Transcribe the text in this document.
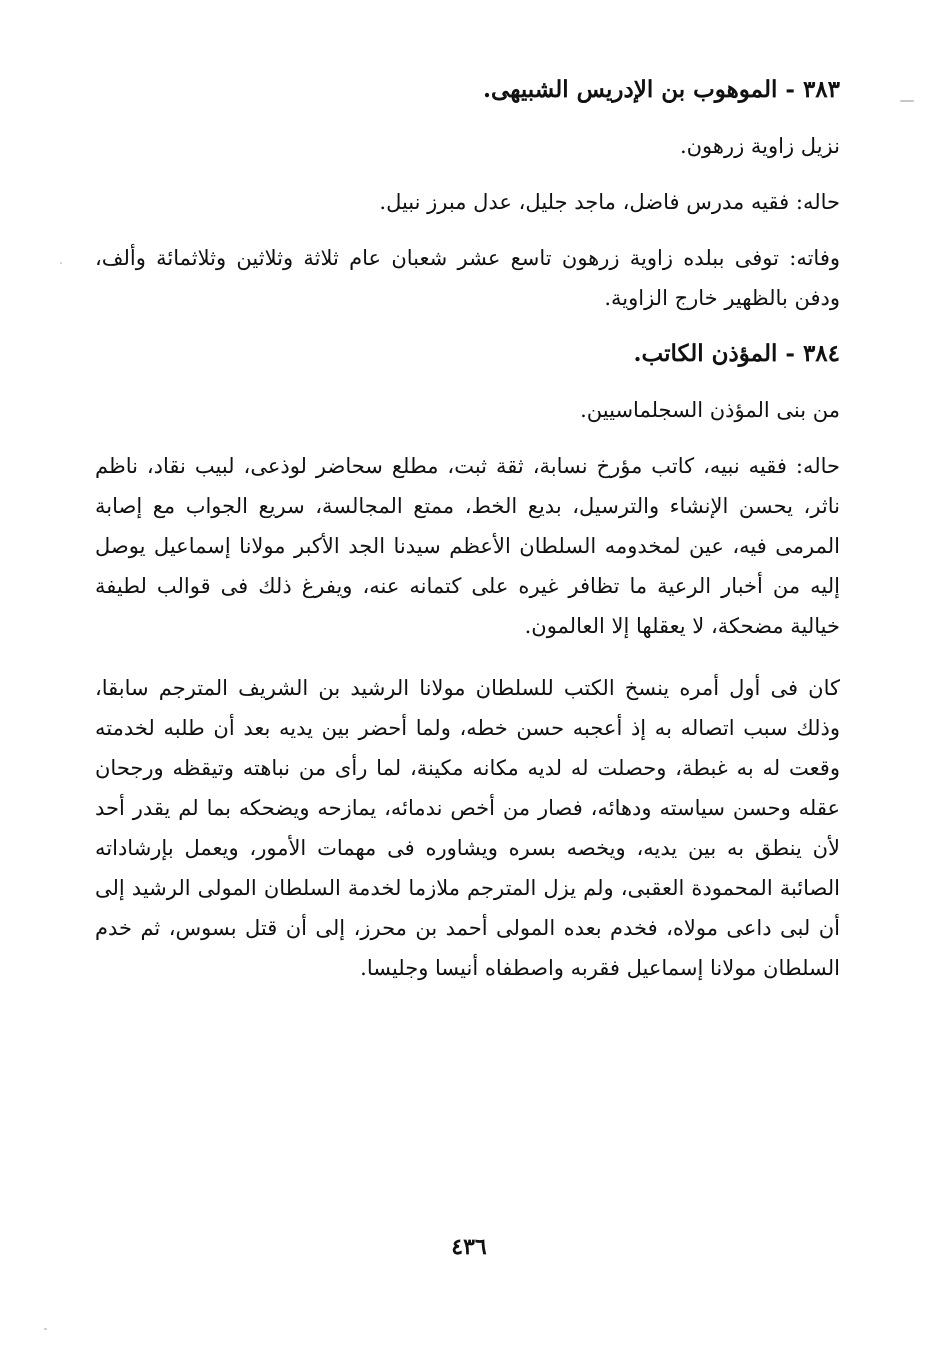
٣٨٣ - الموهوب بن الإدريس الشبيهى.

نزيل زاوية زرهون.

حاله: فقيه مدرس فاضل، ماجد جليل، عدل مبرز نبيل.

وفاته: توفى ببلده زاوية زرهون تاسع عشر شعبان عام ثلاثة وثلاثين وثلاثمائة وألف، ودفن بالظهير خارج الزاوية.

٣٨٤ - المؤذن الكاتب.

من بنى المؤذن السجلماسيين.

حاله: فقيه نبيه، كاتب مؤرخ نسابة، ثقة ثبت، مطلع سحاضر لوذعى، لبيب نقاد، ناظم ناثر، يحسن الإنشاء والترسيل، بديع الخط، ممتع المجالسة، سريع الجواب مع إصابة المرمى فيه، عين لمخدومه السلطان الأعظم سيدنا الجد الأكبر مولانا إسماعيل يوصل إليه من أخبار الرعية ما تظافر غيره على كتمانه عنه، ويفرغ ذلك فى قوالب لطيفة خيالية مضحكة، لا يعقلها إلا العالمون.

كان فى أول أمره ينسخ الكتب للسلطان مولانا الرشيد بن الشريف المترجم سابقا، وذلك سبب اتصاله به إذ أعجبه حسن خطه، ولما أحضر بين يديه بعد أن طلبه لخدمته وقعت له به غبطة، وحصلت له لديه مكانه مكينة، لما رأى من نباهته وتيقظه ورجحان عقله وحسن سياسته ودهائه، فصار من أخص ندمائه، يمازحه ويضحكه بما لم يقدر أحد لأن ينطق به بين يديه، ويخصه بسره ويشاوره فى مهمات الأمور، ويعمل بإرشاداته الصائبة المحمودة العقبى، ولم يزل المترجم ملازما لخدمة السلطان المولى الرشيد إلى أن لبى داعى مولاه، فخدم بعده المولى أحمد بن محرز، إلى أن قتل بسوس، ثم خدم السلطان مولانا إسماعيل فقربه واصطفاه أنيسا وجليسا.

٤٣٦
